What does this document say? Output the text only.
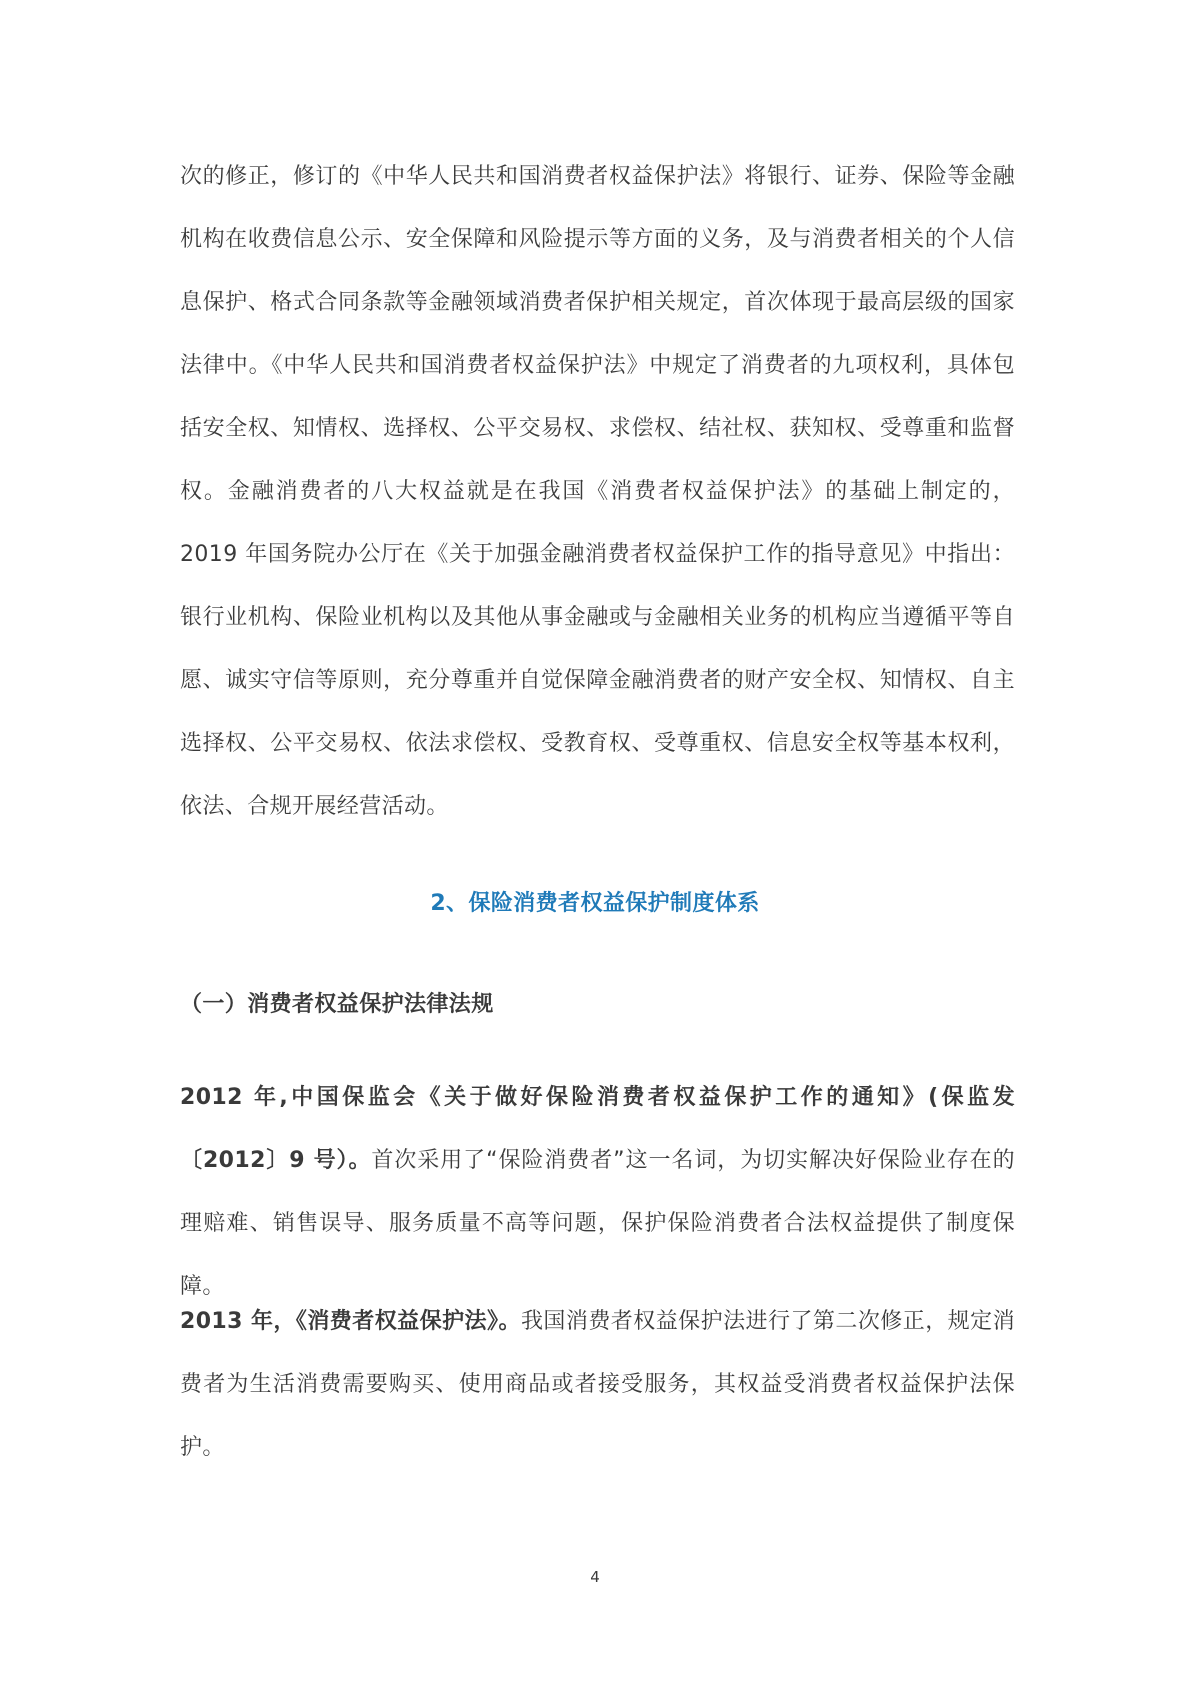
次的修正，修订的《中华人民共和国消费者权益保护法》将银行、证券、保险等金融机构在收费信息公示、安全保障和风险提示等方面的义务，及与消费者相关的个人信息保护、格式合同条款等金融领域消费者保护相关规定，首次体现于最高层级的国家法律中。《中华人民共和国消费者权益保护法》中规定了消费者的九项权利，具体包括安全权、知情权、选择权、公平交易权、求偿权、结社权、获知权、受尊重和监督权。金融消费者的八大权益就是在我国《消费者权益保护法》的基础上制定的，2019 年国务院办公厅在《关于加强金融消费者权益保护工作的指导意见》中指出：银行业机构、保险业机构以及其他从事金融或与金融相关业务的机构应当遵循平等自愿、诚实守信等原则，充分尊重并自觉保障金融消费者的财产安全权、知情权、自主选择权、公平交易权、依法求偿权、受教育权、受尊重权、信息安全权等基本权利，依法、合规开展经营活动。

2、保险消费者权益保护制度体系
（一）消费者权益保护法律法规

2012 年,中国保监会《关于做好保险消费者权益保护工作的通知》(保监发〔2012〕9 号）。首次采用了“保险消费者”这一名词，为切实解决好保险业存在的理赔难、销售误导、服务质量不高等问题，保护保险消费者合法权益提供了制度保障。

2013 年，《消费者权益保护法》。我国消费者权益保护法进行了第二次修正，规定消费者为生活消费需要购买、使用商品或者接受服务，其权益受消费者权益保护法保护。

4
